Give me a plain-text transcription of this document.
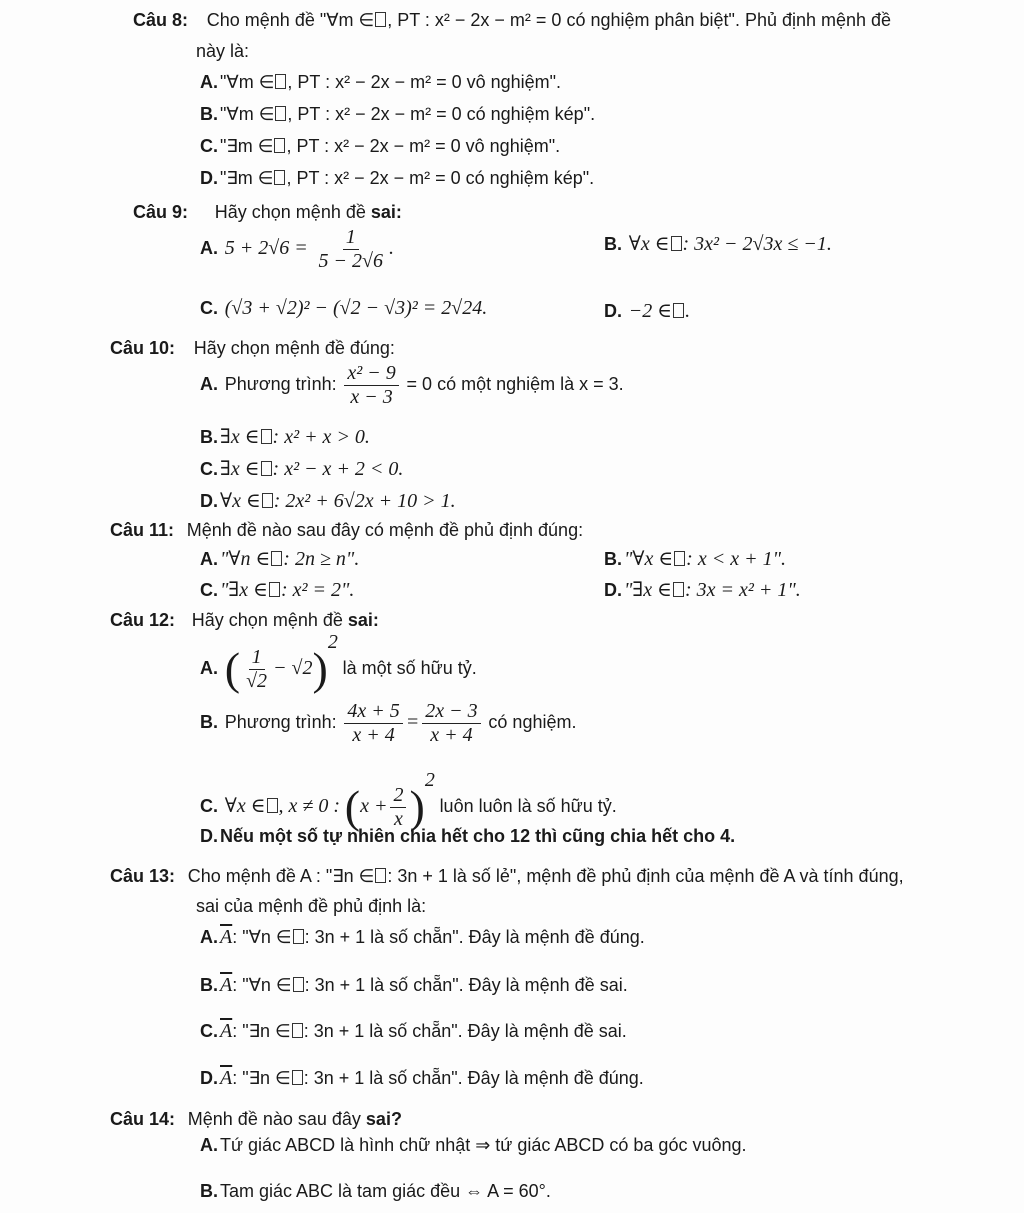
Câu 8: Cho mệnh đề "∀m ∈ , PT : x² − 2x − m² = 0 có nghiệm phân biệt". Phủ định mệnh đề
này là:
A. "∀m ∈ , PT : x² − 2x − m² = 0 vô nghiệm".
B. "∀m ∈ , PT : x² − 2x − m² = 0 có nghiệm kép".
C. "∃m ∈ , PT : x² − 2x − m² = 0 vô nghiệm".
D. "∃m ∈ , PT : x² − 2x − m² = 0 có nghiệm kép".
Câu 9: Hãy chọn mệnh đề sai:
A. $5 + 2√6 = \frac{1}{5 - 2√6}$ .	B. ∀x ∈ : 3x² − 2√3x ≤ −1.
C. (√3 + √2)² − (√2 − √3)² = 2√24.	D. −2 ∈ .
Câu 10: Hãy chọn mệnh đề đúng:
A. Phương trình: $\frac{\text{x² − 9}}{x - 3} = 0$ có một nghiệm là x = 3.
B. ∃x ∈ : x² + x > 0.
C. ∃x ∈ : x² − x + 2 < 0.
D. ∀x ∈ : 2x² + 6√2x + 10 > 1.
Câu 11: Mệnh đề nào sau đây có mệnh đề phủ định đúng:
A. "∀n ∈ : 2n ≥ n".	B. "∀x ∈ : x < x + 1".
C. "∃x ∈ : x² = 2".	D. "∃x ∈ : 3x = x² + 1".
Câu 12: Hãy chọn mệnh đề sai:
A. ( $\frac{1}{√2} - √2)^2$ là một số hữu tỷ.
B. Phương trình: $\frac{4x + 5}{x + 4} = \frac{2x - 3}{x + 4}$ có nghiệm.
C. ∀x ∈ , x ≠ 0 : $(x + \frac{2}{x} )^2$ luôn luôn là số hữu tỷ.
D. Nếu một số tự nhiên chia hết cho 12 thì cũng chia hết cho 4.
Câu 13: Cho mệnh đề A : "∃n ∈ : 3n + 1 là số lẻ", mệnh đề phủ định của mệnh đề A và tính đúng,
sai của mệnh đề phủ định là:
A. $\overline{A}$: "∀n ∈ : 3n + 1 là số chẵn". Đây là mệnh đề đúng.
B. $\overline{A}$: "∀n ∈ : 3n + 1 là số chẵn". Đây là mệnh đề sai.
C. $\overline{A}$: "∃n ∈ : 3n + 1 là số chẵn". Đây là mệnh đề sai.
D. $\overline{A}$: "∃n ∈ : 3n + 1 là số chẵn". Đây là mệnh đề đúng.
Câu 14: Mệnh đề nào sau đây sai?
A. Tứ giác ABCD là hình chữ nhật ⇒ tứ giác ABCD có ba góc vuông.
B. Tam giác ABC là tam giác đều ⇔ A = 60°.
